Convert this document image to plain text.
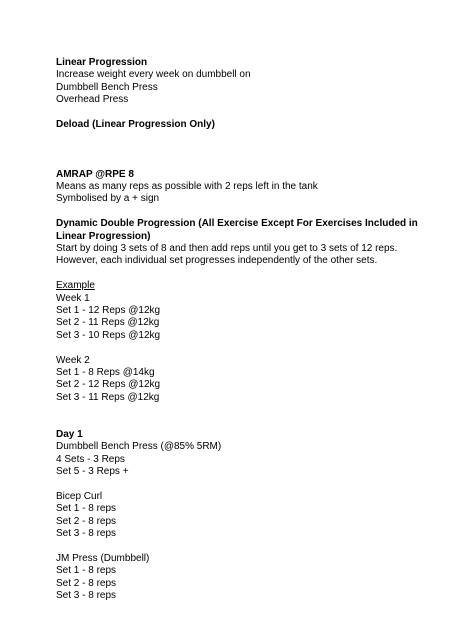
Linear Progression
Increase weight every week on dumbbell on
Dumbbell Bench Press
Overhead Press
Deload (Linear Progression Only)
AMRAP @RPE 8
Means as many reps as possible with 2 reps left in the tank
Symbolised by a + sign
Dynamic Double Progression (All Exercise Except For Exercises Included in Linear Progression)
Start by doing 3 sets of 8 and then add reps until you get to 3 sets of 12 reps. However, each individual set progresses independently of the other sets.
Example
Week 1
Set 1 - 12 Reps @12kg
Set 2 - 11 Reps @12kg
Set 3 - 10 Reps @12kg
Week 2
Set 1 - 8 Reps @14kg
Set 2 - 12 Reps @12kg
Set 3 - 11 Reps @12kg
Day 1
Dumbbell Bench Press (@85% 5RM)
4 Sets - 3 Reps
Set 5 - 3 Reps +
Bicep Curl
Set 1 - 8 reps
Set 2 - 8 reps
Set 3 - 8 reps
JM Press (Dumbbell)
Set 1 - 8 reps
Set 2 - 8 reps
Set 3 - 8 reps
